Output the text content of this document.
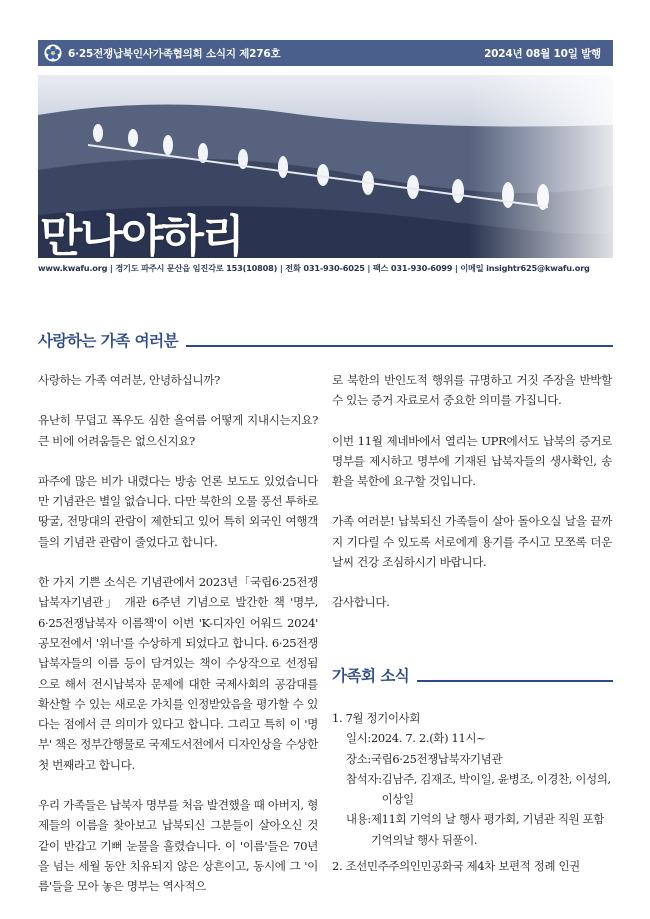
6·25전쟁납북인사가족협의회 소식지 제276호	2024년 08월 10일 발행
만나야하리
www.kwafu.org | 경기도 파주시 문산읍 임진각로 153(10808) | 전화 031-930-6025 | 팩스 031-930-6099 | 이메일 insightr625@kwafu.org
사랑하는 가족 여러분

사랑하는 가족 여러분, 안녕하십니까?

유난히 무덥고 폭우도 심한 올여름 어떻게 지내시는지요? 큰 비에 어려움들은 없으신지요?

파주에 많은 비가 내렸다는 방송 언론 보도도 있었습니다만 기념관은 별일 없습니다. 다만 북한의 오물 풍선 투하로 땅굴, 전망대의 관람이 제한되고 있어 특히 외국인 여행객들의 기념관 관람이 줄었다고 합니다.

한 가지 기쁜 소식은 기념관에서 2023년「국립6·25전쟁납북자기념관」 개관 6주년 기념으로 발간한 책 '명부, 6·25전쟁납북자 이름책'이 이번 'K-디자인 어워드 2024' 공모전에서 '위너'를 수상하게 되었다고 합니다. 6·25전쟁 납북자들의 이름 등이 담겨있는 책이 수상작으로 선정됨으로 해서 전시납북자 문제에 대한 국제사회의 공감대를 확산할 수 있는 새로운 가치를 인정받았음을 평가할 수 있다는 점에서 큰 의미가 있다고 합니다. 그리고 특히 이 '명부' 책은 정부간행물로 국제도서전에서 디자인상을 수상한 첫 번째라고 합니다.

우리 가족들은 납북자 명부를 처음 발견했을 때 아버지, 형제들의 이름을 찾아보고 납북되신 그분들이 살아오신 것 같이 반갑고 기뻐 눈물을 흘렸습니다. 이 '이름'들은 70년을 넘는 세월 동안 치유되지 않은 상흔이고, 동시에 그 '이름'들을 모아 놓은 명부는 역사적으

로 북한의 반인도적 행위를 규명하고 거짓 주장을 반박할 수 있는 증거 자료로서 중요한 의미를 가집니다.

이번 11월 제네바에서 열리는 UPR에서도 납북의 증거로 명부를 제시하고 명부에 기재된 납북자들의 생사확인, 송환을 북한에 요구할 것입니다.

가족 여러분! 납북되신 가족들이 살아 돌아오실 날을 끝까지 기다릴 수 있도록 서로에게 용기를 주시고 모쪼록 더운 날씨 건강 조심하시기 바랍니다.

감사합니다.

가족회 소식
1. 7월 정기이사회
일시: 2024. 7. 2.(화) 11시~
장소: 국립6·25전쟁납북자기념관
참석자: 김남주, 김재조, 박이일, 윤병조, 이경찬, 이성의, 이상일
내용: 제11회 기억의 날 행사 평가회, 기념관 직원 포함 기억의날 행사 뒤풀이.
2. 조선민주주의인민공화국 제4차 보편적 정례 인권
